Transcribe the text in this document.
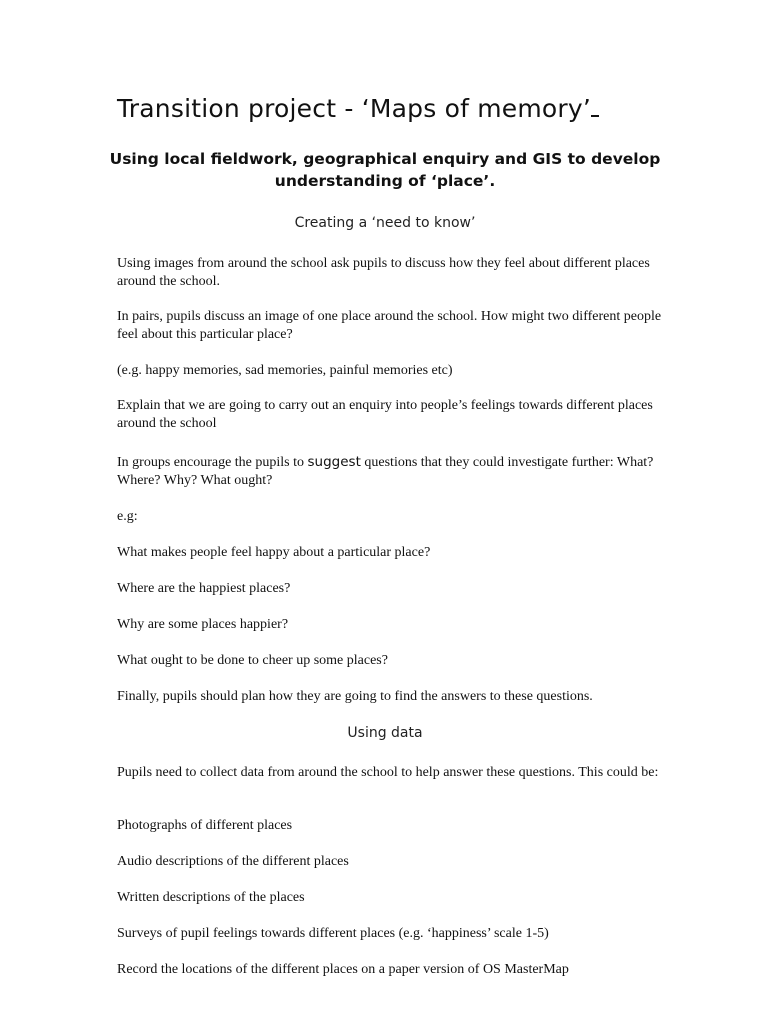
Transition project - ‘Maps of memory’

Using local fieldwork, geographical enquiry and GIS to develop understanding of ‘place’.

Creating a ‘need to know’

Using images from around the school ask pupils to discuss how they feel about different places around the school.

In pairs, pupils discuss an image of one place around the school. How might two different people feel about this particular place?

(e.g. happy memories, sad memories, painful memories etc)

Explain that we are going to carry out an enquiry into people’s feelings towards different places around the school

In groups encourage the pupils to suggest questions that they could investigate further: What? Where? Why? What ought?

e.g:

What makes people feel happy about a particular place?

Where are the happiest places?

Why are some places happier?

What ought to be done to cheer up some places?

Finally, pupils should plan how they are going to find the answers to these questions.

Using data

Pupils need to collect data from around the school to help answer these questions. This could be:

Photographs of different places

Audio descriptions of the different places

Written descriptions of the places

Surveys of pupil feelings towards different places (e.g. ‘happiness’ scale 1-5)

Record the locations of the different places on a paper version of OS MasterMap
